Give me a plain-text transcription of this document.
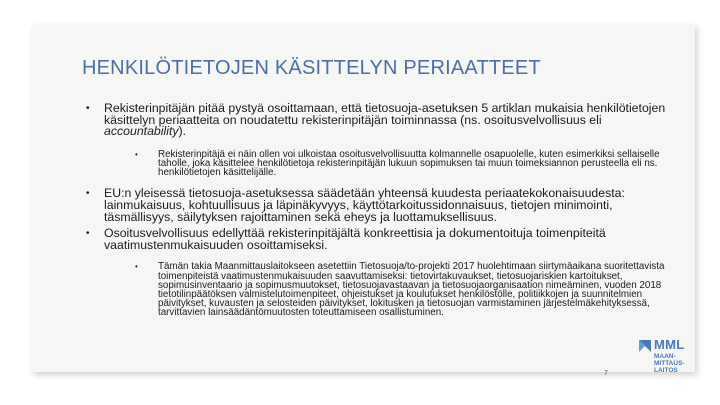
HENKILÖTIETOJEN KÄSITTELYN PERIAATTEET

• Rekisterinpitäjän pitää pystyä osoittamaan, että tietosuoja-asetuksen 5 artiklan mukaisia henkilötietojen käsittelyn periaatteita on noudatettu rekisterinpitäjän toiminnassa (ns. osoitusvelvollisuus eli accountability).

• Rekisterinpitäjä ei näin ollen voi ulkoistaa osoitusvelvollisuutta kolmannelle osapuolelle, kuten esimerkiksi sellaiselle taholle, joka käsittelee henkilötietoja rekisterinpitäjän lukuun sopimuksen tai muun toimeksiannon perusteella eli ns. henkilötietojen käsittelijälle.

• EU:n yleisessä tietosuoja-asetuksessa säädetään yhteensä kuudesta periaatekokonaisuudesta: lainmukaisuus, kohtuullisuus ja läpinäkyvyys, käyttötarkoitussidonnaisuus, tietojen minimointi, täsmällisyys, säilytyksen rajoittaminen sekä eheys ja luottamuksellisuus.

• Osoitusvelvollisuus edellyttää rekisterinpitäjältä konkreettisia ja dokumentoituja toimenpiteitä vaatimustenmukaisuuden osoittamiseksi.

• Tämän takia Maanmittauslaitokseen asetettiin Tietosuoja/to-projekti 2017 huolehtimaan siirtymäaikana suoritettavista toimenpiteistä vaatimustenmukaisuuden saavuttamiseksi: tietovirtakuvaukset, tietosuojariskien kartoitukset, sopimusinventaario ja sopimusmuutokset, tietosuojavastaavan ja tietosuojaorganisaation nimeäminen, vuoden 2018 tietotilinpäätöksen valmistelutoimenpiteet, ohjeistukset ja koulutukset henkilöstölle, politiikkojen ja suunnitelmien päivitykset, kuvausten ja selosteiden päivitykset, lokitusken ja tietosuojan varmistaminen järjestelmäkehityksessä, tarvittavien lainsäädäntömuutosten toteuttamiseen osallistuminen.

MML
MAAN-
MITTAUS-
LAITOS
7
